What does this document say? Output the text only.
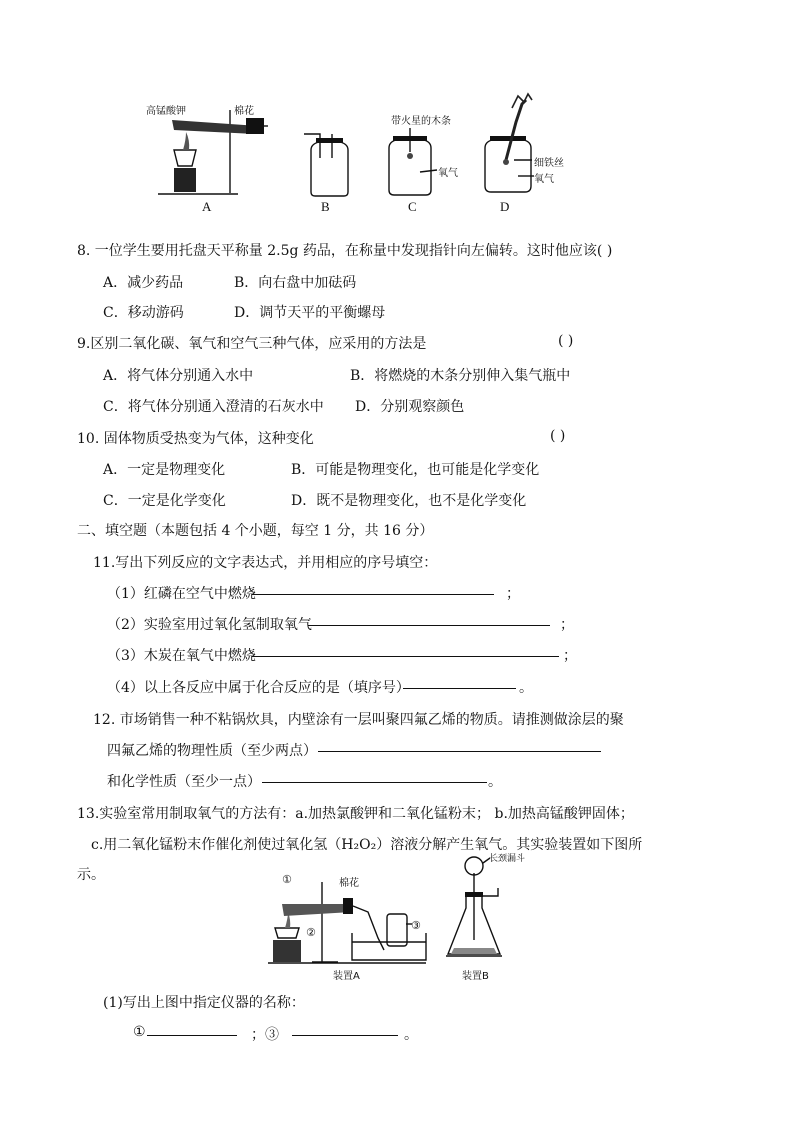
高锰酸钾	棉花
A	B
带火星的木条
氧气
C
细铁丝
氧气
D
8. 一位学生要用托盘天平称量 2.5g 药品，在称量中发现指针向左偏转。这时他应该( )
A．减少药品	B．向右盘中加砝码
C．移动游码	D．调节天平的平衡螺母
9.区别二氧化碳、氧气和空气三种气体，应采用的方法是	( )
A．将气体分别通入水中	B．将燃烧的木条分别伸入集气瓶中
C．将气体分别通入澄清的石灰水中 D．分别观察颜色
10. 固体物质受热变为气体，这种变化	( )
A．一定是物理变化	B．可能是物理变化，也可能是化学变化
C．一定是化学变化	D．既不是物理变化，也不是化学变化
二、填空题（本题包括 4 个小题，每空 1 分，共 16 分）
11.写出下列反应的文字表达式，并用相应的序号填空：
（1）红磷在空气中燃烧	；
（2）实验室用过氧化氢制取氧气	；
（3）木炭在氧气中燃烧	；
（4）以上各反应中属于化合反应的是（填序号）	。
12. 市场销售一种不粘锅炊具，内壁涂有一层叫聚四氟乙烯的物质。请推测做涂层的聚
四氟乙烯的物理性质（至少两点）
和化学性质（至少一点）	。
13.实验室常用制取氧气的方法有：a.加热氯酸钾和二氧化锰粉末； b.加热高锰酸钾固体；
c.用二氧化锰粉末作催化剂使过氧化氢（H₂O₂）溶液分解产生氧气。其实验装置如下图所
示。	①
②
③
棉花
长颈漏斗
装置A	装置B
(1)写出上图中指定仪器的名称：
①	；③	。
